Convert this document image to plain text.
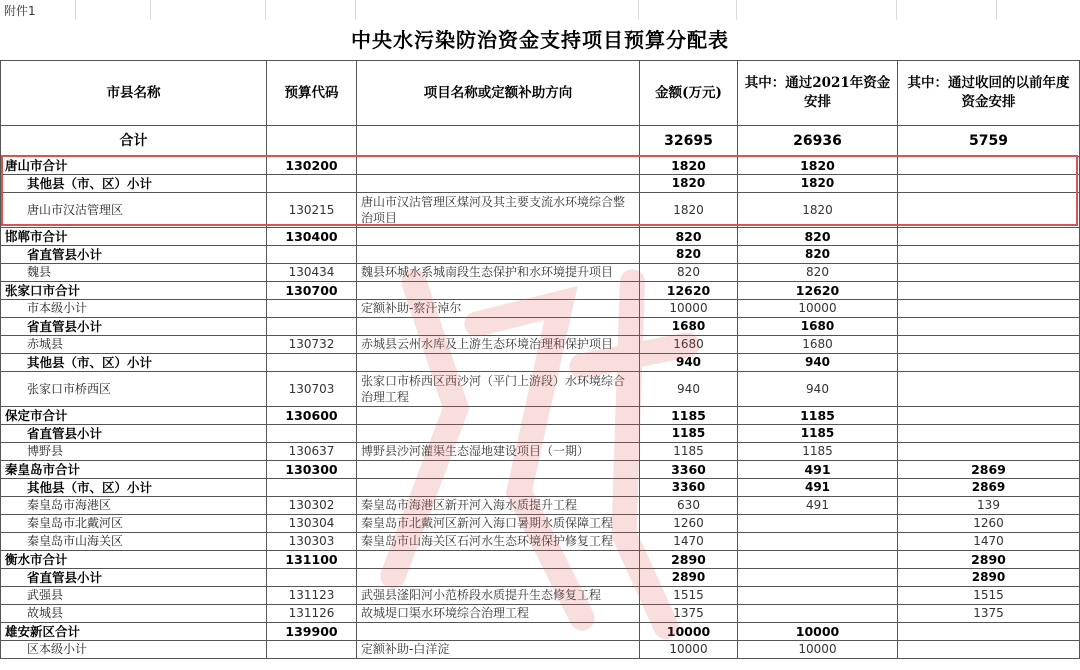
附件1
中央水污染防治资金支持项目预算分配表
市县名称	预算代码	项目名称或定额补助方向	金额(万元)	其中：通过2021年资金安排	其中：通过收回的以前年度资金安排
合计			32695	26936	5759
唐山市合计	130200		1820	1820	
其他县（市、区）小计			1820	1820	
唐山市汉沽管理区	130215	唐山市汉沽管理区煤河及其主要支流水环境综合整治项目	1820	1820	
邯郸市合计	130400		820	820	
省直管县小计			820	820	
魏县	130434	魏县环城水系城南段生态保护和水环境提升项目	820	820	
张家口市合计	130700		12620	12620	
市本级小计		定额补助-察汗淖尔	10000	10000	
省直管县小计			1680	1680	
赤城县	130732	赤城县云州水库及上游生态环境治理和保护项目	1680	1680	
其他县（市、区）小计			940	940	
张家口市桥西区	130703	张家口市桥西区西沙河（平门上游段）水环境综合治理工程	940	940	
保定市合计	130600		1185	1185	
省直管县小计			1185	1185	
博野县	130637	博野县沙河灌渠生态湿地建设项目（一期）	1185	1185	
秦皇岛市合计	130300		3360	491	2869
其他县（市、区）小计			3360	491	2869
秦皇岛市海港区	130302	秦皇岛市海港区新开河入海水质提升工程	630	491	139
秦皇岛市北戴河区	130304	秦皇岛市北戴河区新河入海口暑期水质保障工程	1260		1260
秦皇岛市山海关区	130303	秦皇岛市山海关区石河水生态环境保护修复工程	1470		1470
衡水市合计	131100		2890		2890
省直管县小计			2890		2890
武强县	131123	武强县滏阳河小范桥段水质提升生态修复工程	1515		1515
故城县	131126	故城堤口渠水环境综合治理工程	1375		1375
雄安新区合计	139900		10000	10000	
区本级小计		定额补助-白洋淀	10000	10000	
